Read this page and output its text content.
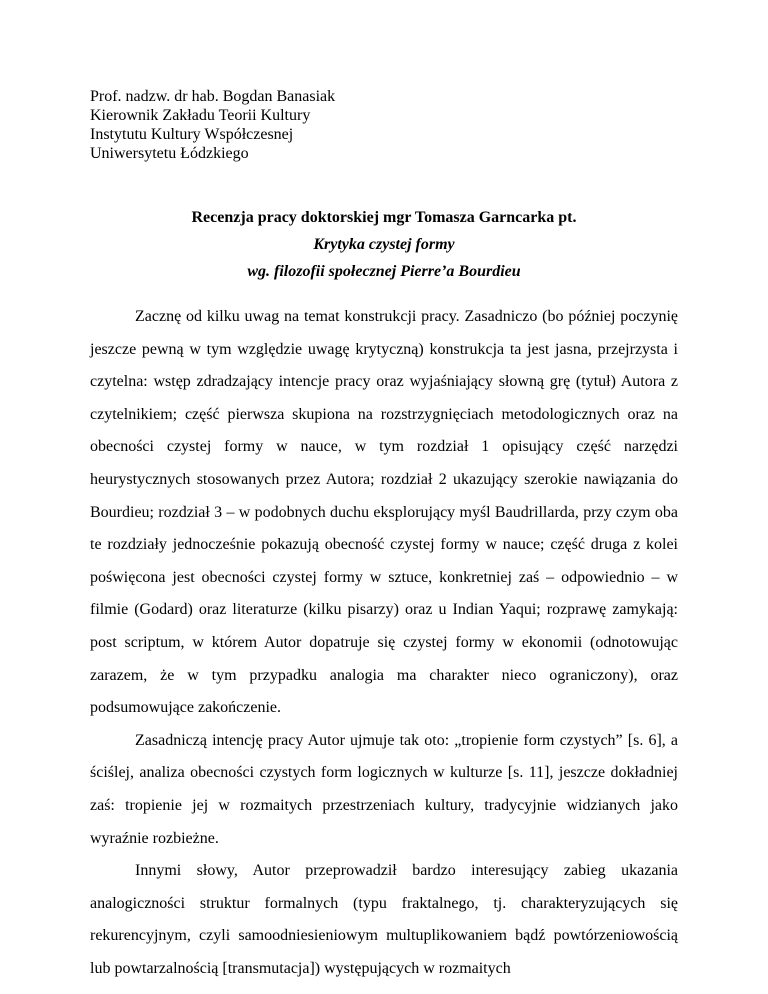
Prof. nadzw. dr hab. Bogdan Banasiak
Kierownik Zakładu Teorii Kultury
Instytutu Kultury Współczesnej
Uniwersytetu Łódzkiego
Recenzja pracy doktorskiej mgr Tomasza Garncarka pt.
Krytyka czystej formy
wg. filozofii społecznej Pierre’a Bourdieu

Zacznę od kilku uwag na temat konstrukcji pracy. Zasadniczo (bo później poczynię jeszcze pewną w tym względzie uwagę krytyczną) konstrukcja ta jest jasna, przejrzysta i czytelna: wstęp zdradzający intencje pracy oraz wyjaśniający słowną grę (tytuł) Autora z czytelnikiem; część pierwsza skupiona na rozstrzygnięciach metodologicznych oraz na obecności czystej formy w nauce, w tym rozdział 1 opisujący część narzędzi heurystycznych stosowanych przez Autora; rozdział 2 ukazujący szerokie nawiązania do Bourdieu; rozdział 3 – w podobnych duchu eksplorujący myśl Baudrillarda, przy czym oba te rozdziały jednocześnie pokazują obecność czystej formy w nauce; część druga z kolei poświęcona jest obecności czystej formy w sztuce, konkretniej zaś – odpowiednio – w filmie (Godard) oraz literaturze (kilku pisarzy) oraz u Indian Yaqui; rozprawę zamykają: post scriptum, w którem Autor dopatruje się czystej formy w ekonomii (odnotowując zarazem, że w tym przypadku analogia ma charakter nieco ograniczony), oraz podsumowujące zakończenie.

Zasadniczą intencję pracy Autor ujmuje tak oto: „tropienie form czystych” [s. 6], a ściślej, analiza obecności czystych form logicznych w kulturze [s. 11], jeszcze dokładniej zaś: tropienie jej w rozmaitych przestrzeniach kultury, tradycyjnie widzianych jako wyraźnie rozbieżne.

Innymi słowy, Autor przeprowadził bardzo interesujący zabieg ukazania analogiczności struktur formalnych (typu fraktalnego, tj. charakteryzujących się rekurencyjnym, czyli samoodniesieniowym multuplikowaniem bądź powtórzeniowością lub powtarzalnością [transmutacja]) występujących w rozmaitych
